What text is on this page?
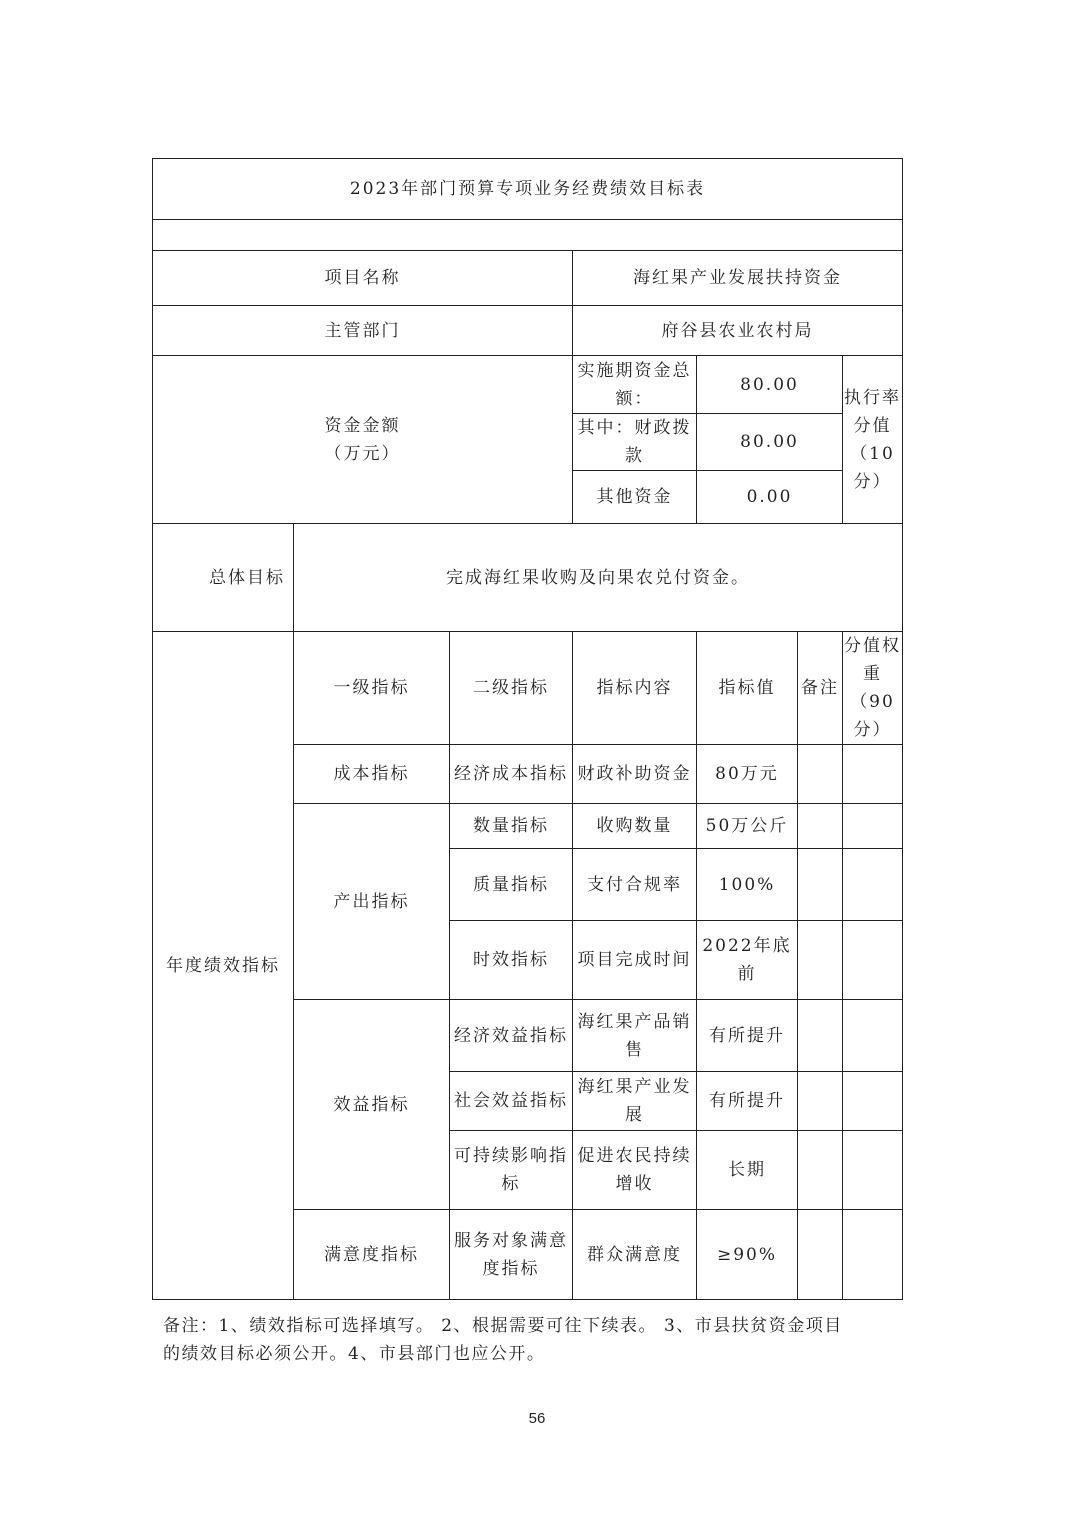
2023年部门预算专项业务经费绩效目标表						

项目名称			海红果产业发展扶持资金			
主管部门			府谷县农业农村局			

资金金额
（万元）			实施期资金总额：	80.00		执行率分值（10分）
			其中：财政拨款	80.00		
			其他资金	0.00		
总体目标	完成海红果收购及向果农兑付资金。					
年度绩效指标	一级指标	二级指标	指标内容	指标值	备注	分值权重（90分）
	成本指标	经济成本指标	财政补助资金	80万元		
	产出指标	数量指标	收购数量	50万公斤		
		质量指标	支付合规率	100%		
		时效指标	项目完成时间	2022年底前		
	效益指标	经济效益指标	海红果产品销售	有所提升		
		社会效益指标	海红果产业发展	有所提升		
		可持续影响指标	促进农民持续增收	长期		
	满意度指标	服务对象满意度指标	群众满意度	≥90%		
备注：1、绩效指标可选择填写。 2、根据需要可往下续表。 3、市县扶贫资金项目的绩效目标必须公开。4、市县部门也应公开。
56
